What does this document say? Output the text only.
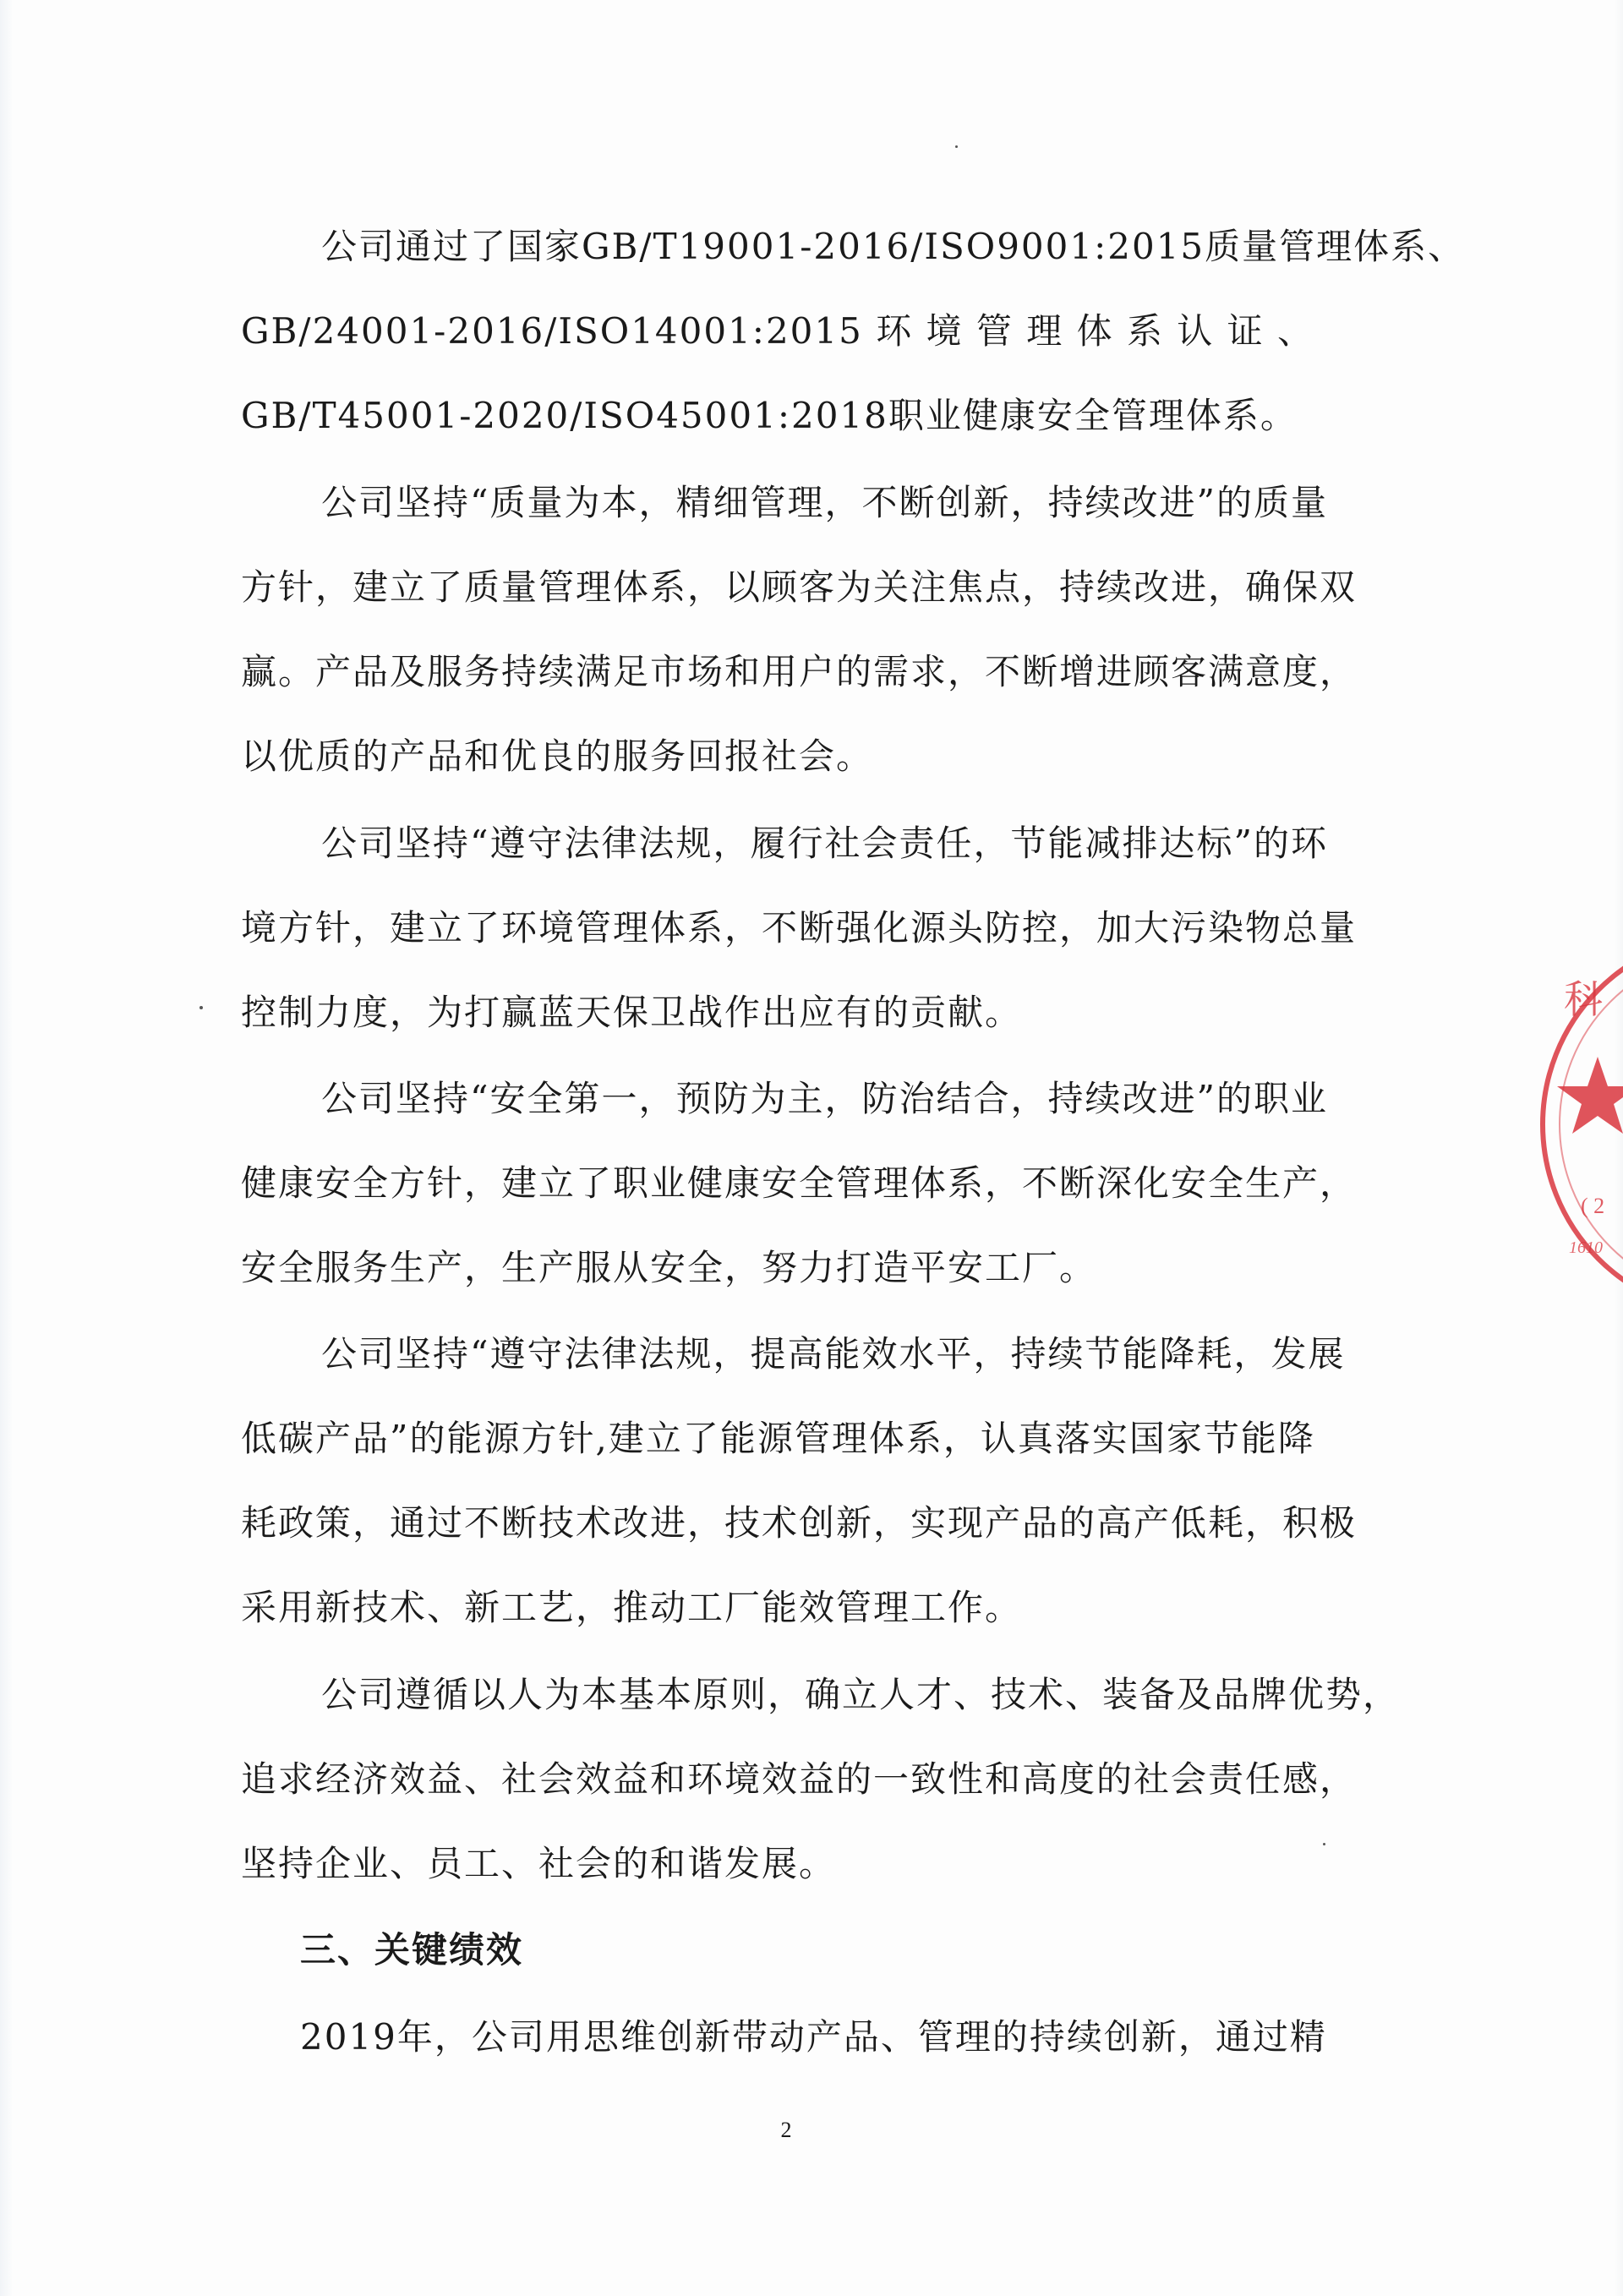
公司通过了国家GB/T19001-2016/ISO9001:2015质量管理体系、
GB/24001-2016/ISO14001:2015 环 境 管 理 体 系 认 证 、
GB/T45001-2020/ISO45001:2018职业健康安全管理体系。
公司坚持“质量为本，精细管理，不断创新，持续改进”的质量
方针，建立了质量管理体系，以顾客为关注焦点，持续改进，确保双
赢。产品及服务持续满足市场和用户的需求，不断增进顾客满意度，
以优质的产品和优良的服务回报社会。
公司坚持“遵守法律法规，履行社会责任，节能减排达标”的环
境方针，建立了环境管理体系，不断强化源头防控，加大污染物总量
控制力度，为打赢蓝天保卫战作出应有的贡献。
公司坚持“安全第一，预防为主，防治结合，持续改进”的职业
健康安全方针，建立了职业健康安全管理体系，不断深化安全生产，
安全服务生产，生产服从安全，努力打造平安工厂。
公司坚持“遵守法律法规，提高能效水平，持续节能降耗，发展
低碳产品”的能源方针,建立了能源管理体系，认真落实国家节能降
耗政策，通过不断技术改进，技术创新，实现产品的高产低耗，积极
采用新技术、新工艺，推动工厂能效管理工作。
公司遵循以人为本基本原则，确立人才、技术、装备及品牌优势，
追求经济效益、社会效益和环境效益的一致性和高度的社会责任感，
坚持企业、员工、社会的和谐发展。
三、关键绩效
2019年，公司用思维创新带动产品、管理的持续创新，通过精
2
科
( 2
1610
